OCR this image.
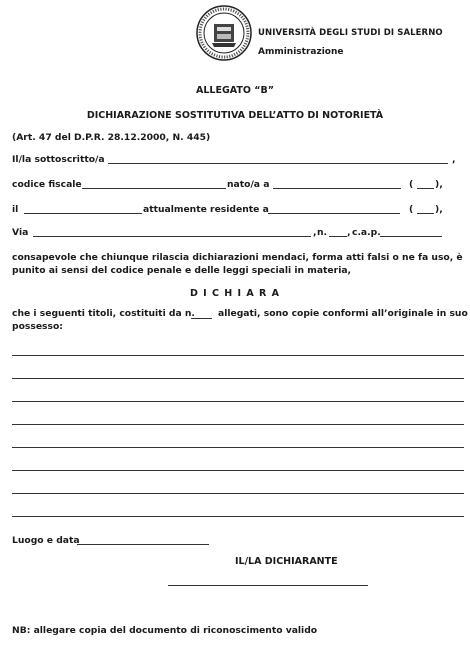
UNIVERSITÀ DEGLI STUDI DI SALERNO
Amministrazione
ALLEGATO “B”
DICHIARAZIONE SOSTITUTIVA DELL’ATTO DI NOTORIETÀ
(Art. 47 del D.P.R. 28.12.2000, N. 445)
Il/la sottoscritto/a	,
codice fiscale	nato/a a	( ),
il	attualmente residente a	( ),
Via	, n. , c.a.p.
consapevole che chiunque rilascia dichiarazioni mendaci, forma atti falsi o ne fa uso, è
punito ai sensi del codice penale e delle leggi speciali in materia,
D I C H I A R A
che i seguenti titoli, costituiti da n.	allegati, sono copie conformi all’originale in suo
possesso:
Luogo e data
IL/LA DICHIARANTE
NB: allegare copia del documento di riconoscimento valido
